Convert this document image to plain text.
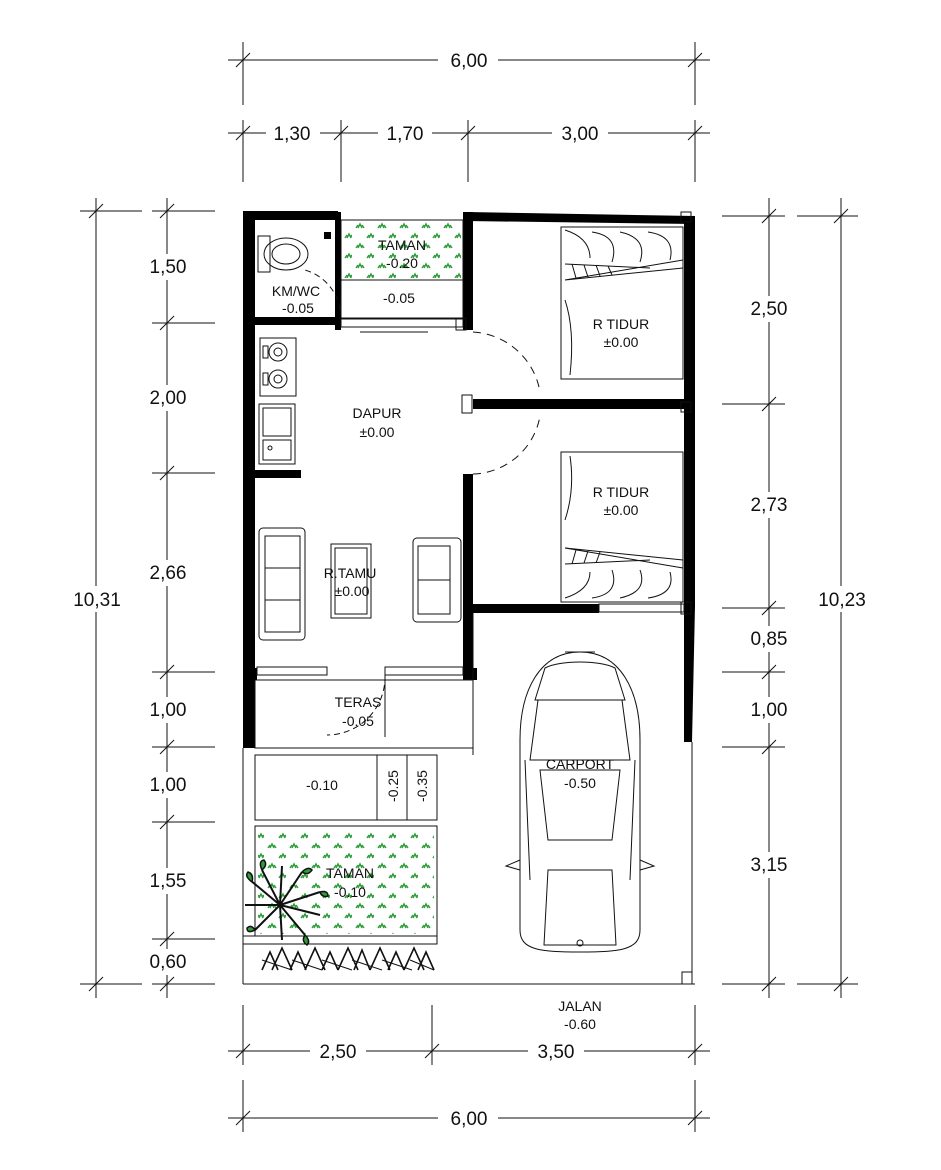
6,00
1,30	1,70	3,00
10,31
1,50
2,00
2,66
1,00
1,00
1,55
0,60
2,50
2,73
0,85
1,00
3,15
10,23
2,50	3,50
6,00
TAMAN
-0.20
-0.05
KM/WC
-0.05
R TIDUR
±0.00
DAPUR
±0.00
R TIDUR
±0.00
R.TAMU
±0.00
TERAS
-0.05
-0.10	-0.25 -0.35
CARPORT
-0.50
TAMAN
-0.10
JALAN
-0.60
